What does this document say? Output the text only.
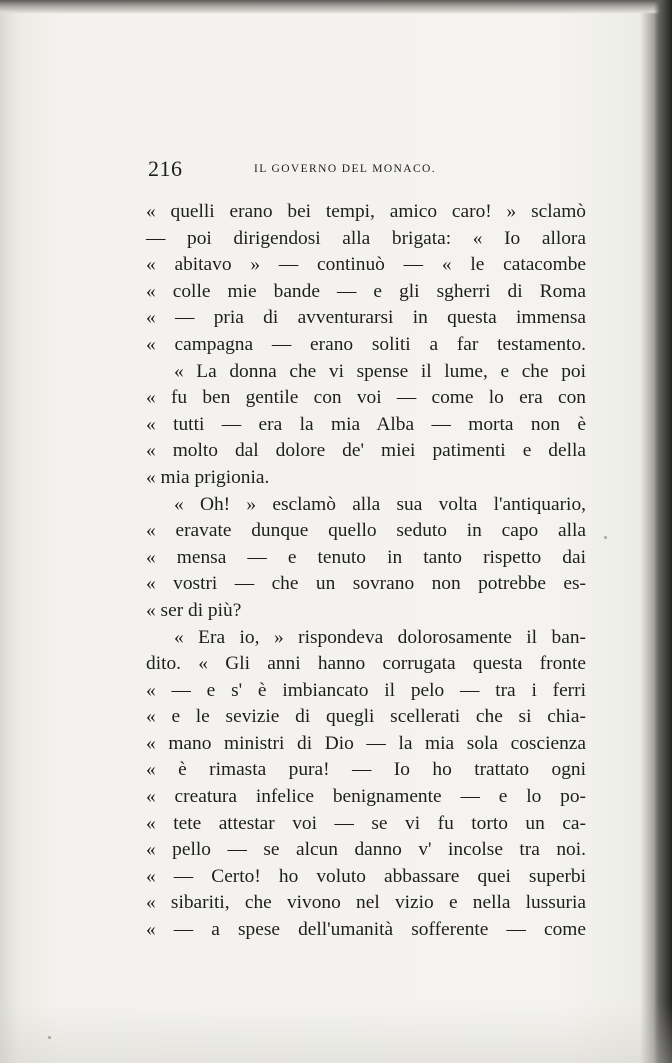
216	IL GOVERNO DEL MONACO.
« quelli erano bei tempi, amico caro! » sclamò
— poi dirigendosi alla brigata: « Io allora
« abitavo » — continuò — « le catacombe
« colle mie bande — e gli sgherri di Roma
« — pria di avventurarsi in questa immensa
« campagna — erano soliti a far testamento.
« La donna che vi spense il lume, e che poi
« fu ben gentile con voi — come lo era con
« tutti — era la mia Alba — morta non è
« molto dal dolore de' miei patimenti e della
« mia prigionia.
« Oh! » esclamò alla sua volta l'antiquario,
« eravate dunque quello seduto in capo alla
« mensa — e tenuto in tanto rispetto dai
« vostri — che un sovrano non potrebbe es-
« ser di più?
« Era io, » rispondeva dolorosamente il ban-
dito. « Gli anni hanno corrugata questa fronte
« — e s' è imbiancato il pelo — tra i ferri
« e le sevizie di quegli scellerati che si chia-
« mano ministri di Dio — la mia sola coscienza
« è rimasta pura! — Io ho trattato ogni
« creatura infelice benignamente — e lo po-
« tete attestar voi — se vi fu torto un ca-
« pello — se alcun danno v' incolse tra noi.
« — Certo! ho voluto abbassare quei superbi
« sibariti, che vivono nel vizio e nella lussuria
« — a spese dell'umanità sofferente — come
